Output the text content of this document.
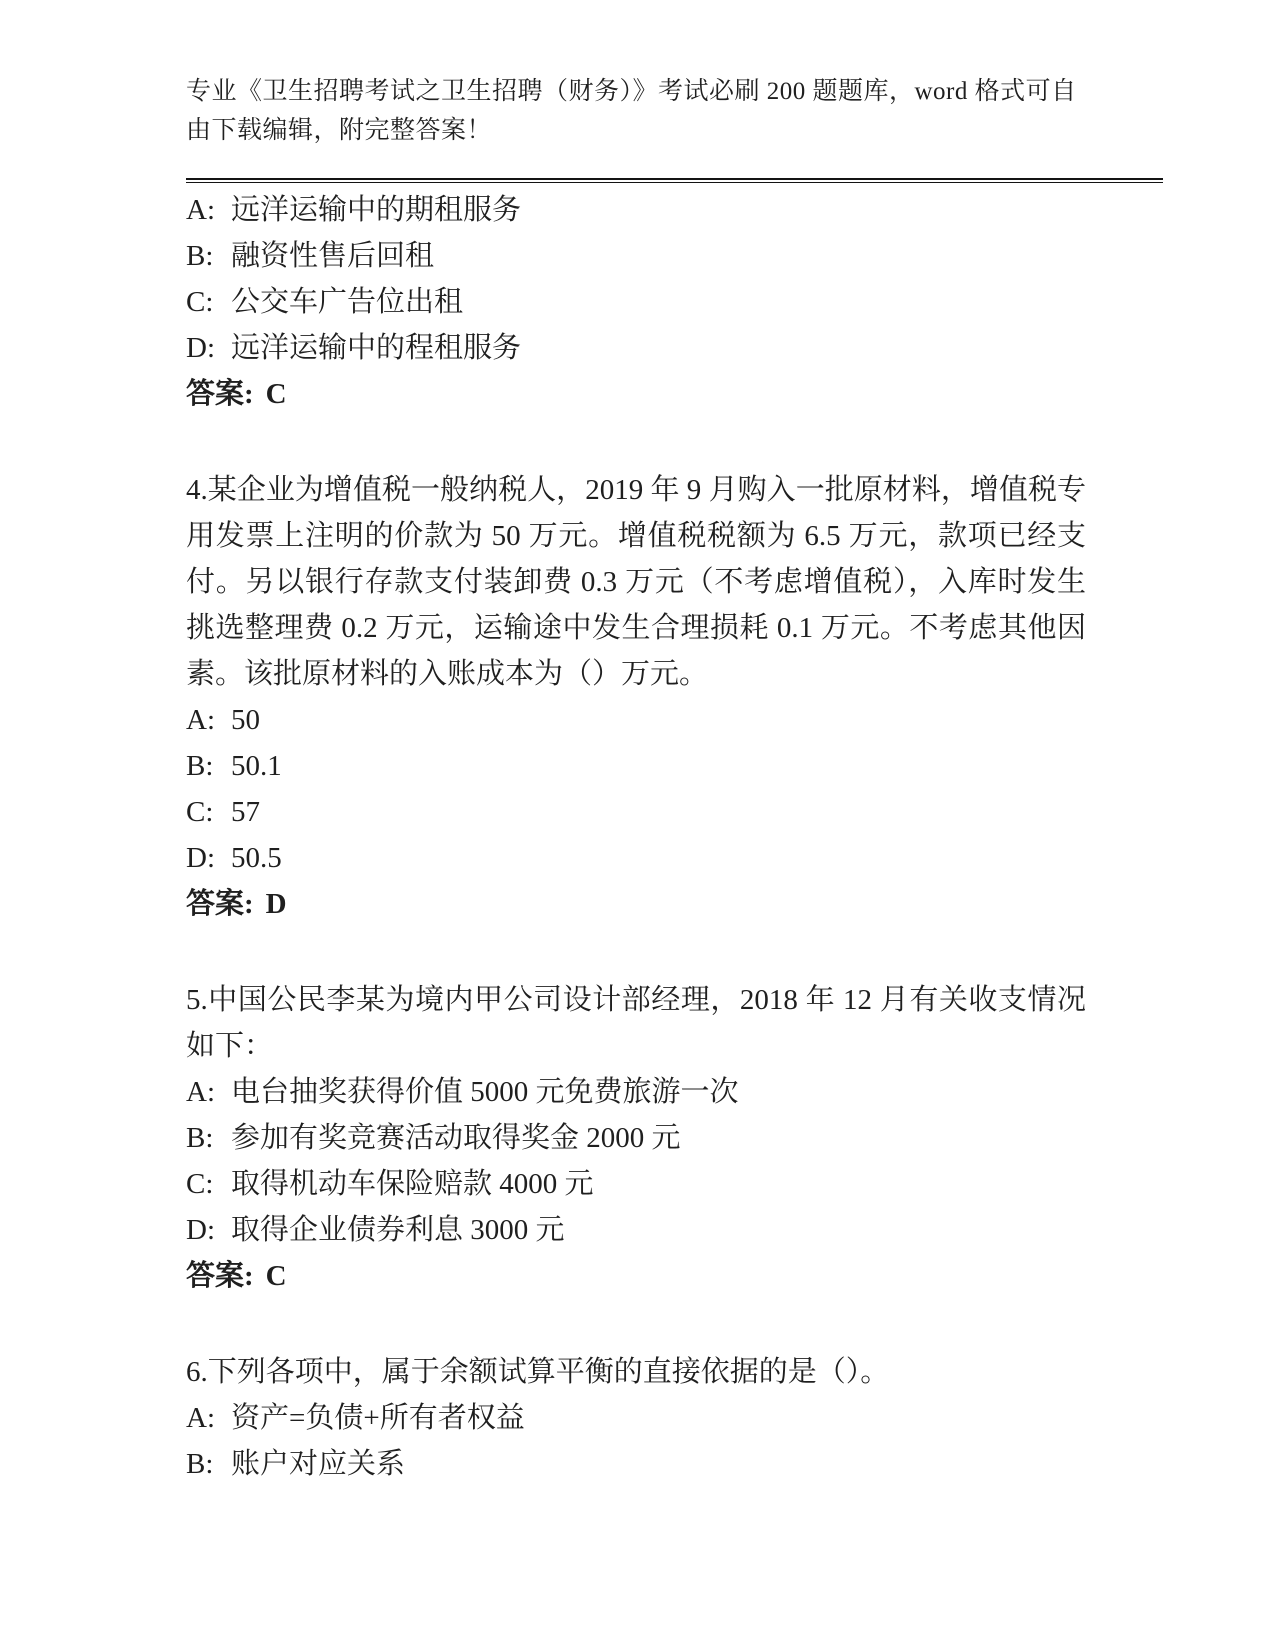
专业《卫生招聘考试之卫生招聘（财务）》考试必刷 200 题题库，word 格式可自由下载编辑，附完整答案！

A: 远洋运输中的期租服务
B: 融资性售后回租
C: 公交车广告位出租
D: 远洋运输中的程租服务
答案: C

4.某企业为增值税一般纳税人，2019 年 9 月购入一批原材料，增值税专用发票上注明的价款为 50 万元。增值税税额为 6.5 万元，款项已经支付。另以银行存款支付装卸费 0.3 万元（不考虑增值税），入库时发生挑选整理费 0.2 万元，运输途中发生合理损耗 0.1 万元。不考虑其他因素。该批原材料的入账成本为（）万元。

A: 50
B: 50.1
C: 57
D: 50.5
答案: D

5.中国公民李某为境内甲公司设计部经理，2018 年 12 月有关收支情况如下：

A: 电台抽奖获得价值 5000 元免费旅游一次
B: 参加有奖竞赛活动取得奖金 2000 元
C: 取得机动车保险赔款 4000 元
D: 取得企业债券利息 3000 元
答案: C

6.下列各项中，属于余额试算平衡的直接依据的是（）。

A: 资产=负债+所有者权益
B: 账户对应关系
